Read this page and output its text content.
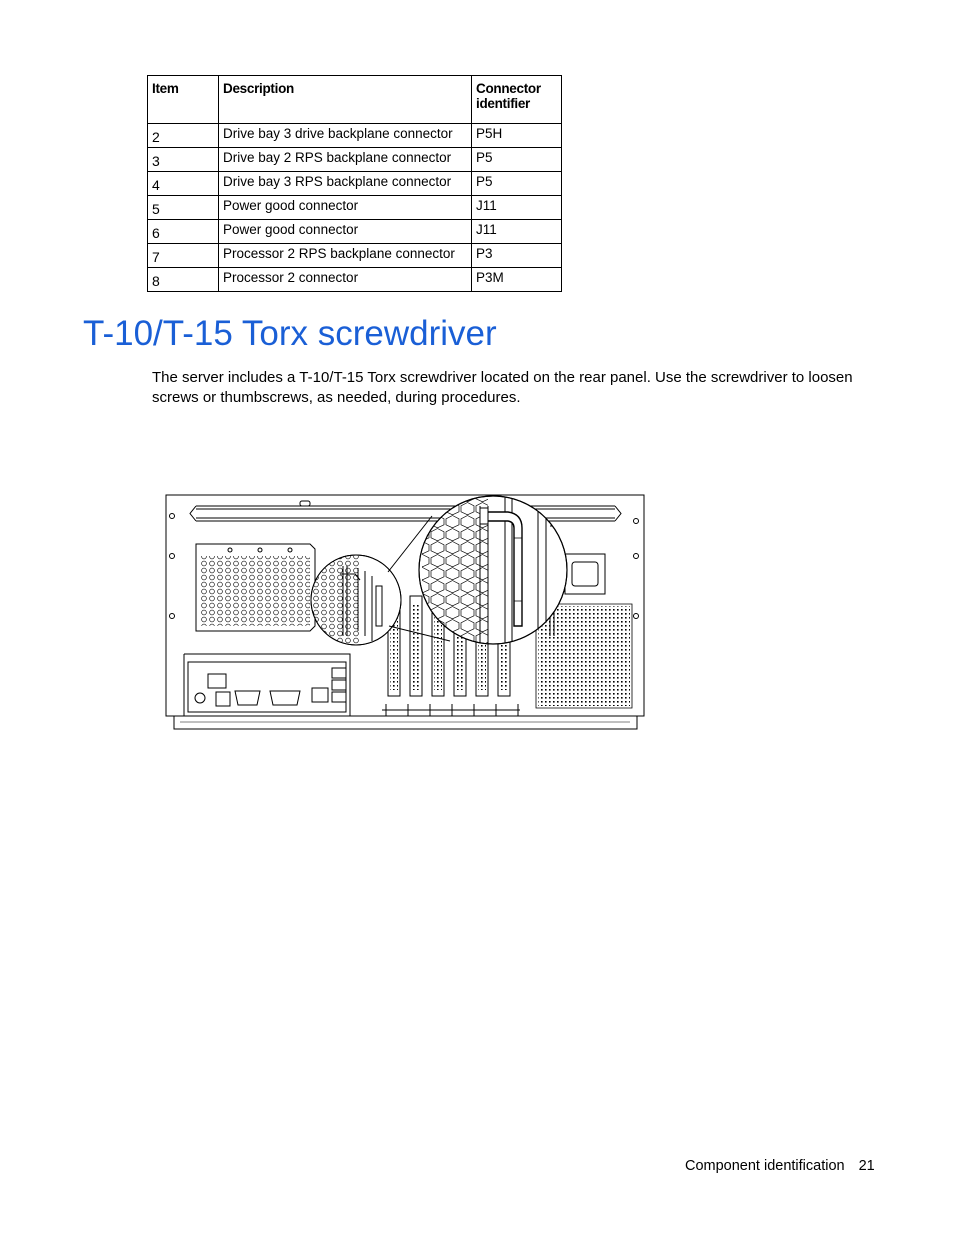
Item	Description	Connector identifier
2	Drive bay 3 drive backplane connector	P5H
3	Drive bay 2 RPS backplane connector	P5
4	Drive bay 3 RPS backplane connector	P5
5	Power good connector	J11
6	Power good connector	J11
7	Processor 2 RPS backplane connector	P3
8	Processor 2 connector	P3M
T-10/T-15 Torx screwdriver

The server includes a T-10/T-15 Torx screwdriver located on the rear panel. Use the screwdriver to loosen screws or thumbscrews, as needed, during procedures.

Component identification 21
